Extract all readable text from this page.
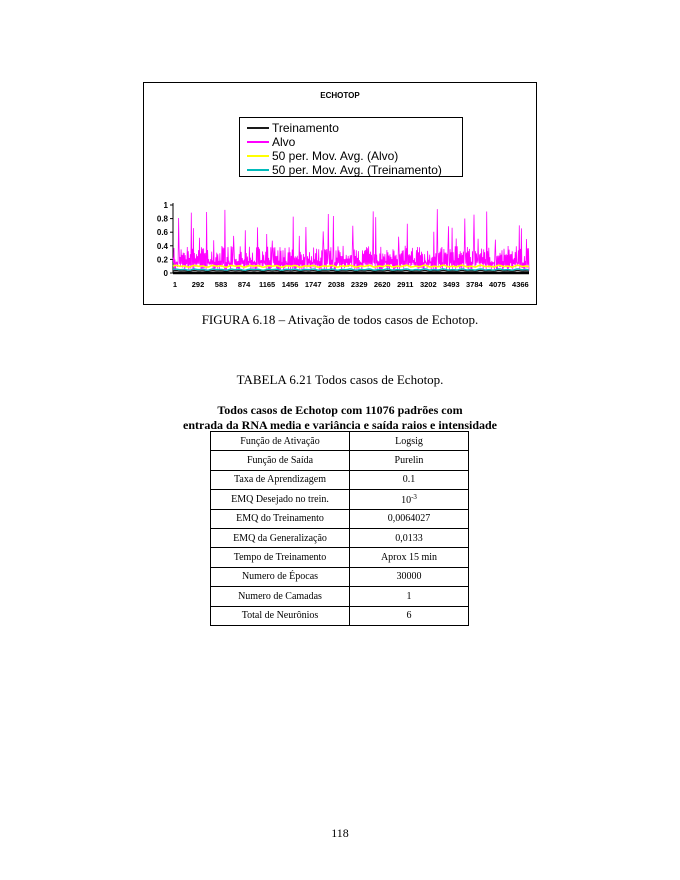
ECHOTOP
0
0.2
0.4
0.6
0.8
1
1 292 583 874 1165 1456 1747 2038 2329 2620 2911 3202 3493 3784 4075 4366
Treinamento
Alvo
50 per. Mov. Avg. (Alvo)
50 per. Mov. Avg. (Treinamento)
FIGURA 6.18 – Ativação de todos casos de Echotop.
TABELA 6.21 Todos casos de Echotop.
Todos casos de Echotop com 11076 padrões com
entrada da RNA media e variância e saída raios e intensidade
Função de Ativação	Logsig
Função de Saída	Purelin
Taxa de Aprendizagem	0.1
EMQ Desejado no trein.	$10^{-3}$
EMQ do Treinamento	0,0064027
EMQ da Generalização	0,0133
Tempo de Treinamento	Aprox 15 min
Numero de Épocas	30000
Numero de Camadas	1
Total de Neurônios	6
118
